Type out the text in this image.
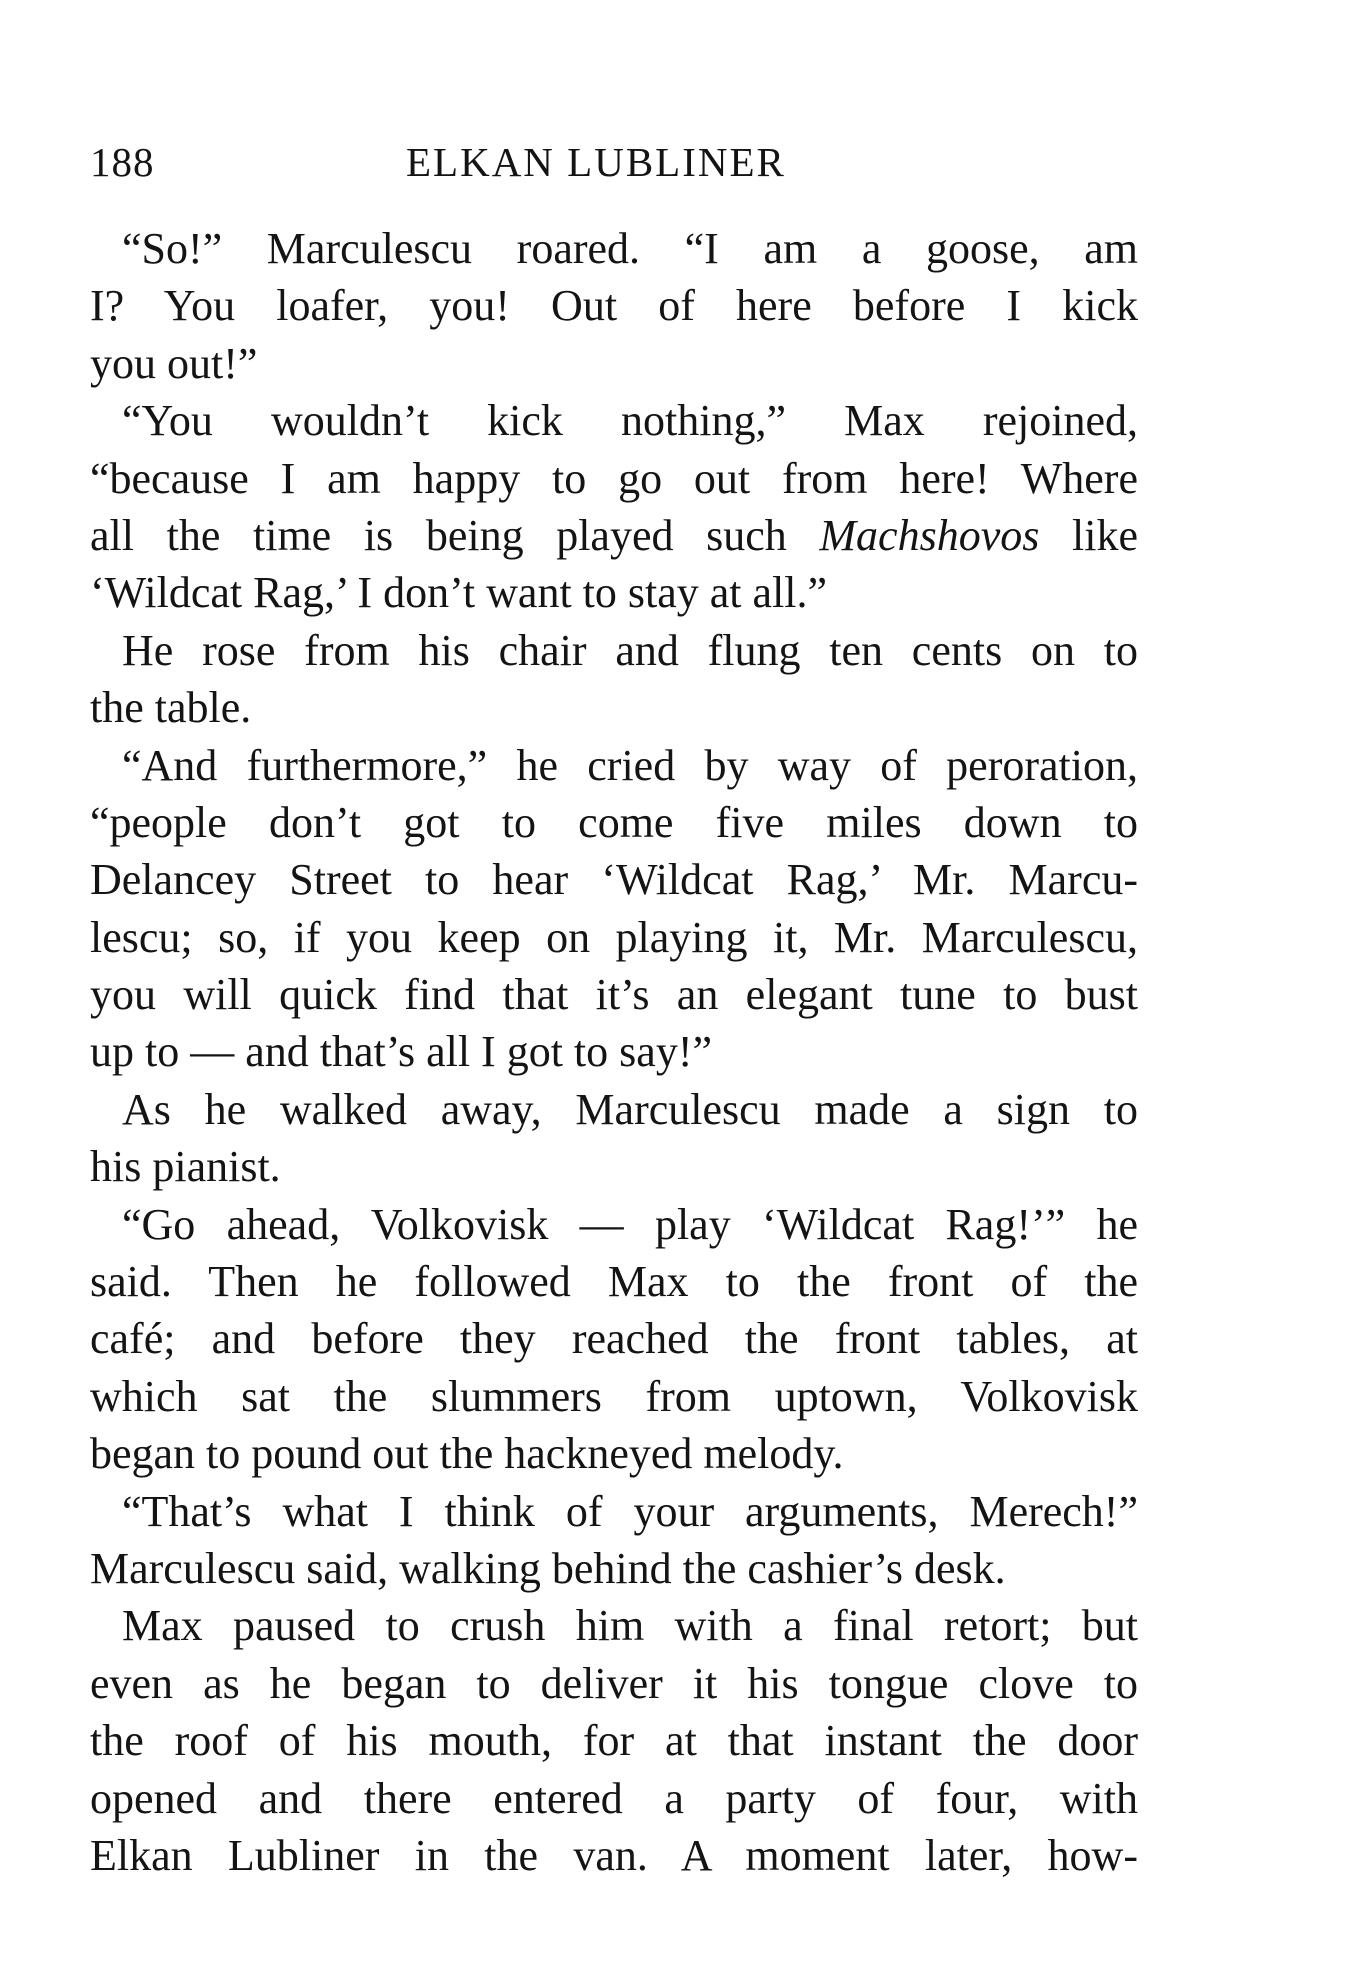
188	ELKAN LUBLINER
“So!” Marculescu roared. “I am a goose, am
I? You loafer, you! Out of here before I kick
you out!”
“You wouldn’t kick nothing,” Max rejoined,
“because I am happy to go out from here! Where
all the time is being played such Machshovos like
‘Wildcat Rag,’ I don’t want to stay at all.”
He rose from his chair and flung ten cents on to
the table.
“And furthermore,” he cried by way of peroration,
“people don’t got to come five miles down to
Delancey Street to hear ‘Wildcat Rag,’ Mr. Marcu-
lescu; so, if you keep on playing it, Mr. Marculescu,
you will quick find that it’s an elegant tune to bust
up to — and that’s all I got to say!”
As he walked away, Marculescu made a sign to
his pianist.
“Go ahead, Volkovisk — play ‘Wildcat Rag!’” he
said. Then he followed Max to the front of the
café; and before they reached the front tables, at
which sat the slummers from uptown, Volkovisk
began to pound out the hackneyed melody.
“That’s what I think of your arguments, Merech!”
Marculescu said, walking behind the cashier’s desk.
Max paused to crush him with a final retort; but
even as he began to deliver it his tongue clove to
the roof of his mouth, for at that instant the door
opened and there entered a party of four, with
Elkan Lubliner in the van. A moment later, how-
